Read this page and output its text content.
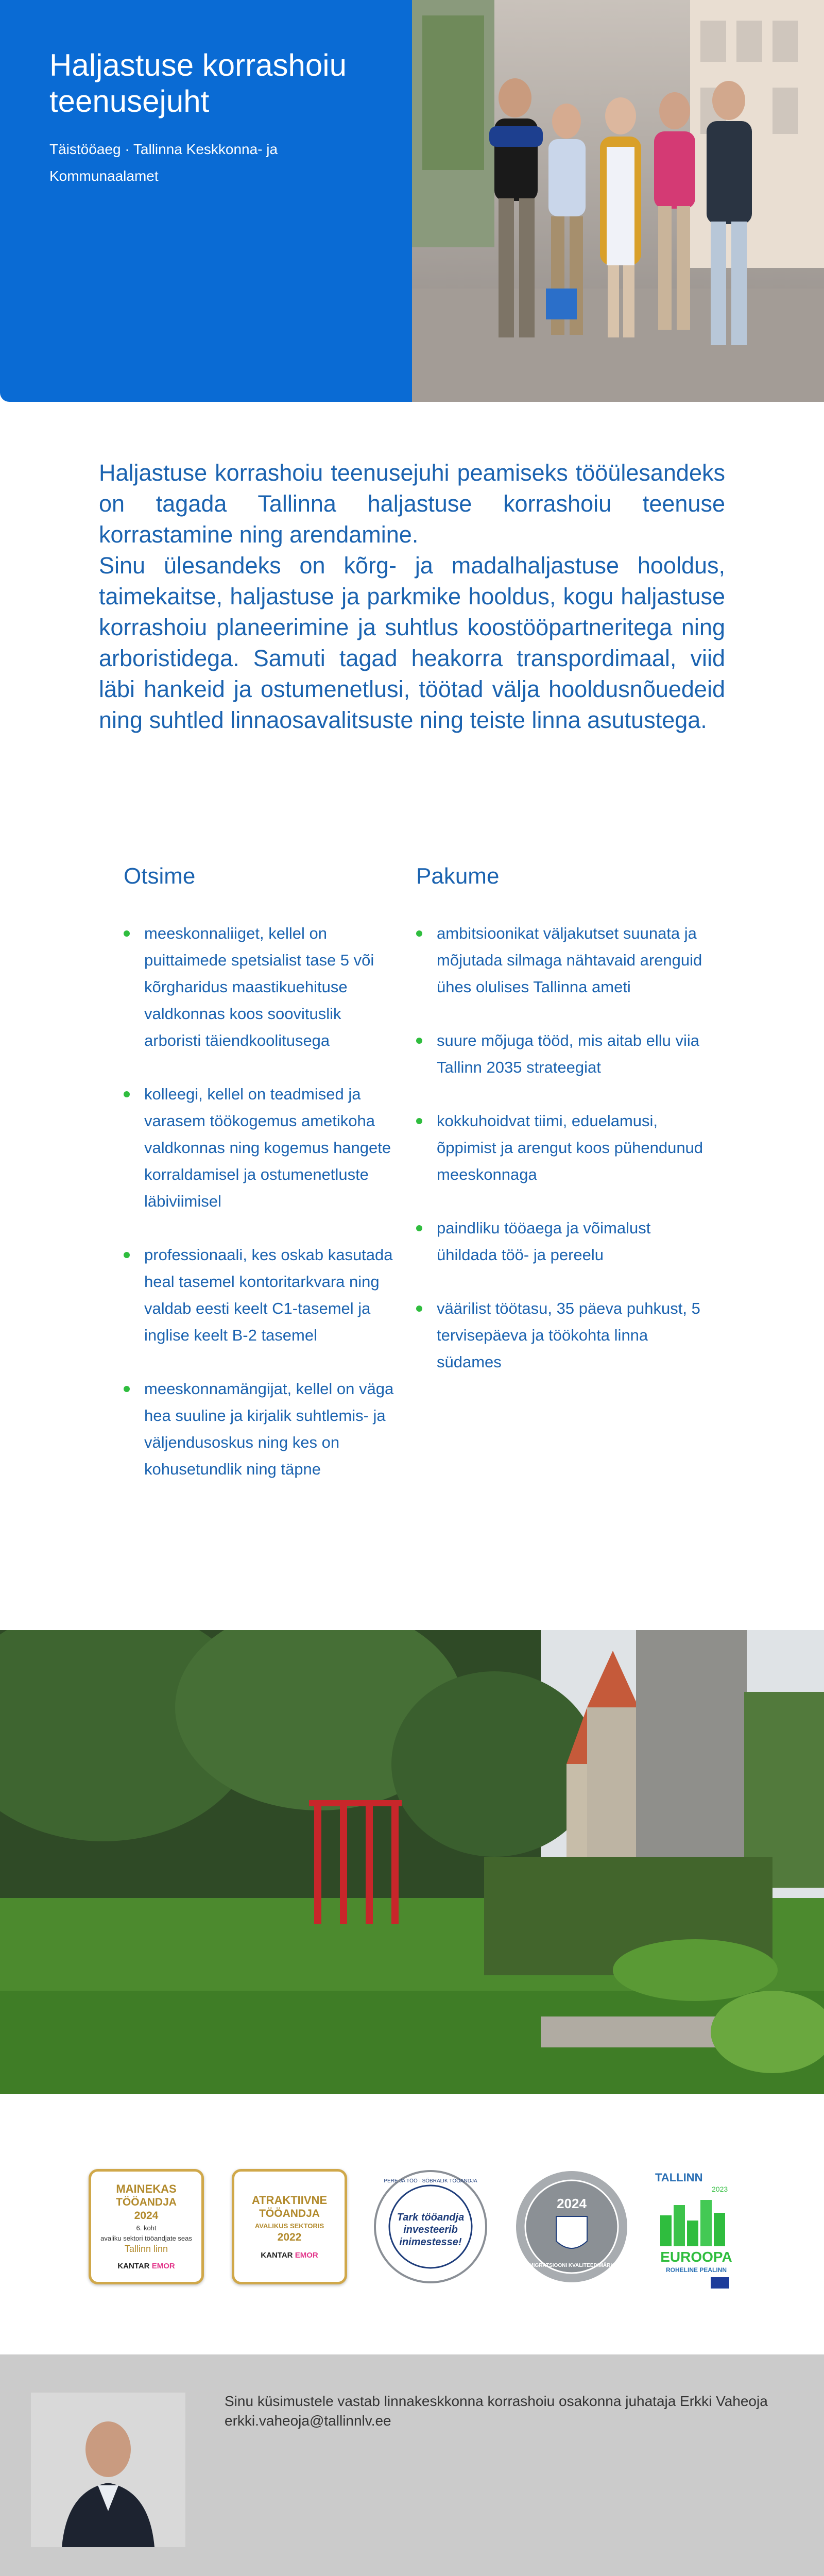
Haljastuse korrashoiu teenusejuht
Täistööaeg · Tallinna Keskkonna- ja Kommunaalamet

Haljastuse korrashoiu teenusejuhi peamiseks tööülesandeks on tagada Tallinna haljastuse korrashoiu teenuse korrastamine ning arendamine.

Sinu ülesandeks on kõrg- ja madalhaljastuse hooldus, taimekaitse, haljastuse ja parkmike hooldus, kogu haljastuse korrashoiu planeerimine ja suhtlus koostööpartneritega ning arboristidega. Samuti tagad heakorra transpordimaal, viid läbi hankeid ja ostumenetlusi, töötad välja hooldusnõuedeid ning suhtled linnaosavalitsuste ning teiste linna asutustega.

Otsime	Pakume
meeskonnaliiget, kellel on puittaimede spetsialist tase 5 või kõrgharidus maastikuehituse valdkonnas koos soovituslik arboristi täiendkoolitusega
kolleegi, kellel on teadmised ja varasem töökogemus ametikoha valdkonnas ning kogemus hangete korraldamisel ja ostumenetluste läbiviimisel
professionaali, kes oskab kasutada heal tasemel kontoritarkvara ning valdab eesti keelt C1-tasemel ja inglise keelt B-2 tasemel
meeskonnamängijat, kellel on väga hea suuline ja kirjalik suhtlemis- ja väljendusoskus ning kes on kohusetundlik ning täpne
ambitsioonikat väljakutset suunata ja mõjutada silmaga nähtavaid arenguid ühes olulises Tallinna ameti
suure mõjuga tööd, mis aitab ellu viia Tallinn 2035 strateegiat
kokkuhoidvat tiimi, eduelamusi, õppimist ja arengut koos pühendunud meeskonnaga
paindliku tööaega ja võimalust ühildada töö- ja pereelu
väärilist töötasu, 35 päeva puhkust, 5 tervisepäeva ja töökohta linna südames
MAINEKAS
TÖÖANDJA
2024
6. koht
avaliku sektori tööandjate seas
Tallinn linn
KANTAR EMOR
ATRAKTIIVNE
TÖÖANDJA
AVALIKUS SEKTORIS
2022
KANTAR EMOR
PERE JA TÖÖ · SÕBRALIK TÖÖANDJA
Tark tööandja
investeerib
inimestesse!
2024
MIGRATSIOONI KVALITEEDIMÄRK
TALLINN
2023
EUROOPA
ROHELINE PEALINN
Sinu küsimustele vastab linnakeskkonna korrashoiu osakonna juhataja Erkki Vaheoja erkki.vaheoja@tallinnlv.ee
